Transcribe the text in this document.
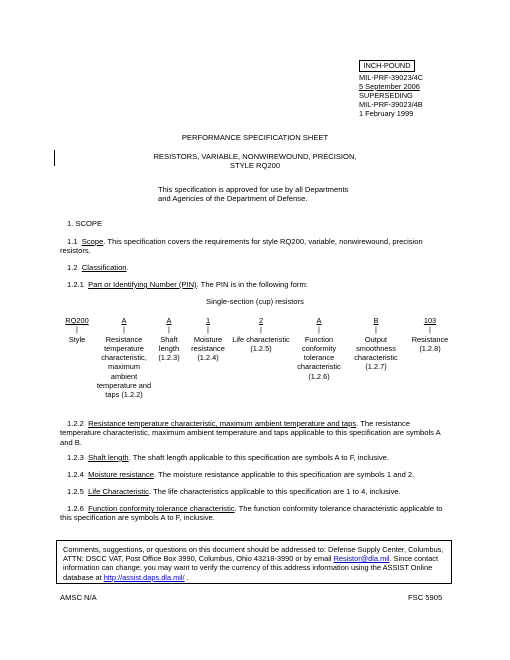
INCH-POUND
MIL-PRF-39023/4C
5 September 2006
SUPERSEDING
MIL-PRF-39023/4B
1 February 1999
PERFORMANCE SPECIFICATION SHEET
RESISTORS, VARIABLE, NONWIREWOUND, PRECISION,
STYLE RQ200
This specification is approved for use by all Departments
and Agencies of the Department of Defense.
1. SCOPE
1.1 Scope. This specification covers the requirements for style RQ200, variable, nonwirewound, precision resistors.
1.2 Classification.
1.2.1 Part or Identifying Number (PIN). The PIN is in the following form:
Single-section (cup) resistors
RQ200
|
Style
A
|
Resistance temperature characteristic, maximum ambient temperature and taps (1.2.2)
A
|
Shaft length (1.2.3)
1
|
Moisture resistance (1.2.4)
2
|
Life characteristic (1.2.5)
A
|
Function conformity tolerance characteristic (1.2.6)
B
|
Output smoothness characteristic (1.2.7)
103
|
Resistance (1.2.8)
1.2.2 Resistance temperature characteristic, maximum ambient temperature and taps. The resistance temperature characteristic, maximum ambient temperature and taps applicable to this specification are symbols A and B.
1.2.3 Shaft length. The shaft length applicable to this specification are symbols A to F, inclusive.
1.2.4 Moisture resistance. The moisture resistance applicable to this specification are symbols 1 and 2.
1.2.5 Life Characteristic. The life characteristics applicable to this specification are 1 to 4, inclusive.
1.2.6 Function conformity tolerance characteristic. The function conformity tolerance characteristic applicable to this specification are symbols A to F, inclusive.
Comments, suggestions, or questions on this document should be addressed to: Defense Supply Center, Columbus, ATTN: DSCC VAT, Post Office Box 3990, Columbus, Ohio 43218-3990 or by email Resistor@dla.mil. Since contact information can change, you may want to verify the currency of this address information using the ASSIST Online database at http://assist.daps.dla.mil/ .
AMSC N/A	FSC 5905
